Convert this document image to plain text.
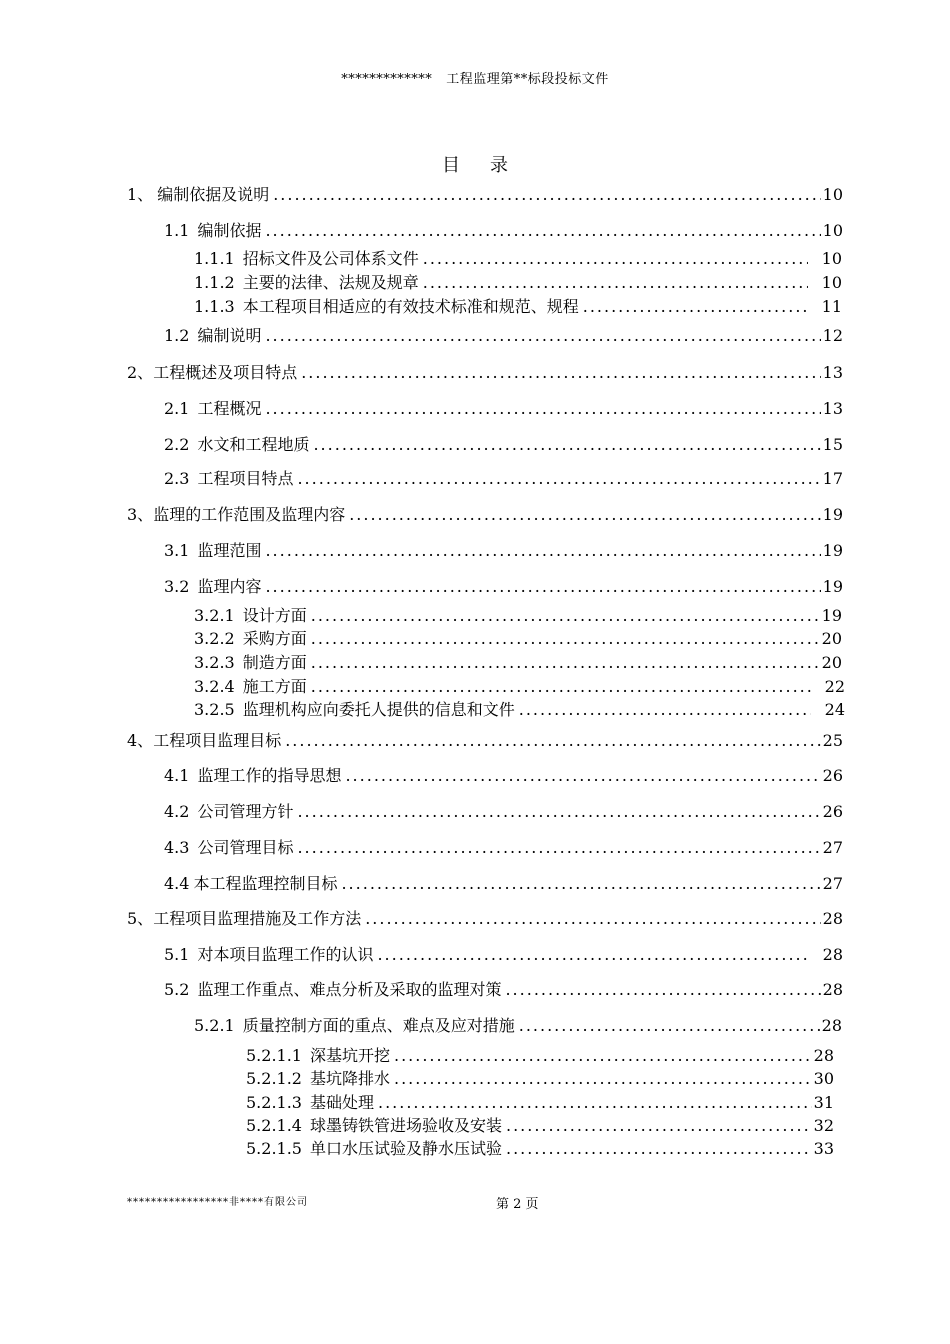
************* 工程监理第**标段投标文件
目录
1、 编制依据及说明 .....	10
1.1 编制依据 .....	10
1.1.1 招标文件及公司体系文件 .....	10
1.1.2 主要的法律、法规及规章 .....	10
1.1.3 本工程项目相适应的有效技术标准和规范、规程 .....	11
1.2 编制说明 .....	12
2、 工程概述及项目特点 .....	13
2.1 工程概况 .....	13
2.2 水文和工程地质 .....	15
2.3 工程项目特点 .....	17
3、 监理的工作范围及监理内容 .....	19
3.1 监理范围 .....	19
3.2 监理内容 .....	19
3.2.1 设计方面 .....	19
3.2.2 采购方面 .....	20
3.2.3 制造方面 .....	20
3.2.4 施工方面 .....	22
3.2.5 监理机构应向委托人提供的信息和文件 .....	24
4、 工程项目监理目标 .....	25
4.1 监理工作的指导思想 .....	26
4.2 公司管理方针 .....	26
4.3 公司管理目标 .....	27
4.4 本工程监理控制目标 .....	27
5、 工程项目监理措施及工作方法 .....	28
5.1 对本项目监理工作的认识 .....	28
5.2 监理工作重点、难点分析及采取的监理对策 .....	28
5.2.1 质量控制方面的重点、难点及应对措施 .....	28
5.2.1.1 深基坑开挖 .....	28
5.2.1.2 基坑降排水 .....	30
5.2.1.3 基础处理 .....	31
5.2.1.4 球墨铸铁管进场验收及安装 .....	32
5.2.1.5 单口水压试验及静水压试验 .....	33
*****************非****有限公司	第 2 页
